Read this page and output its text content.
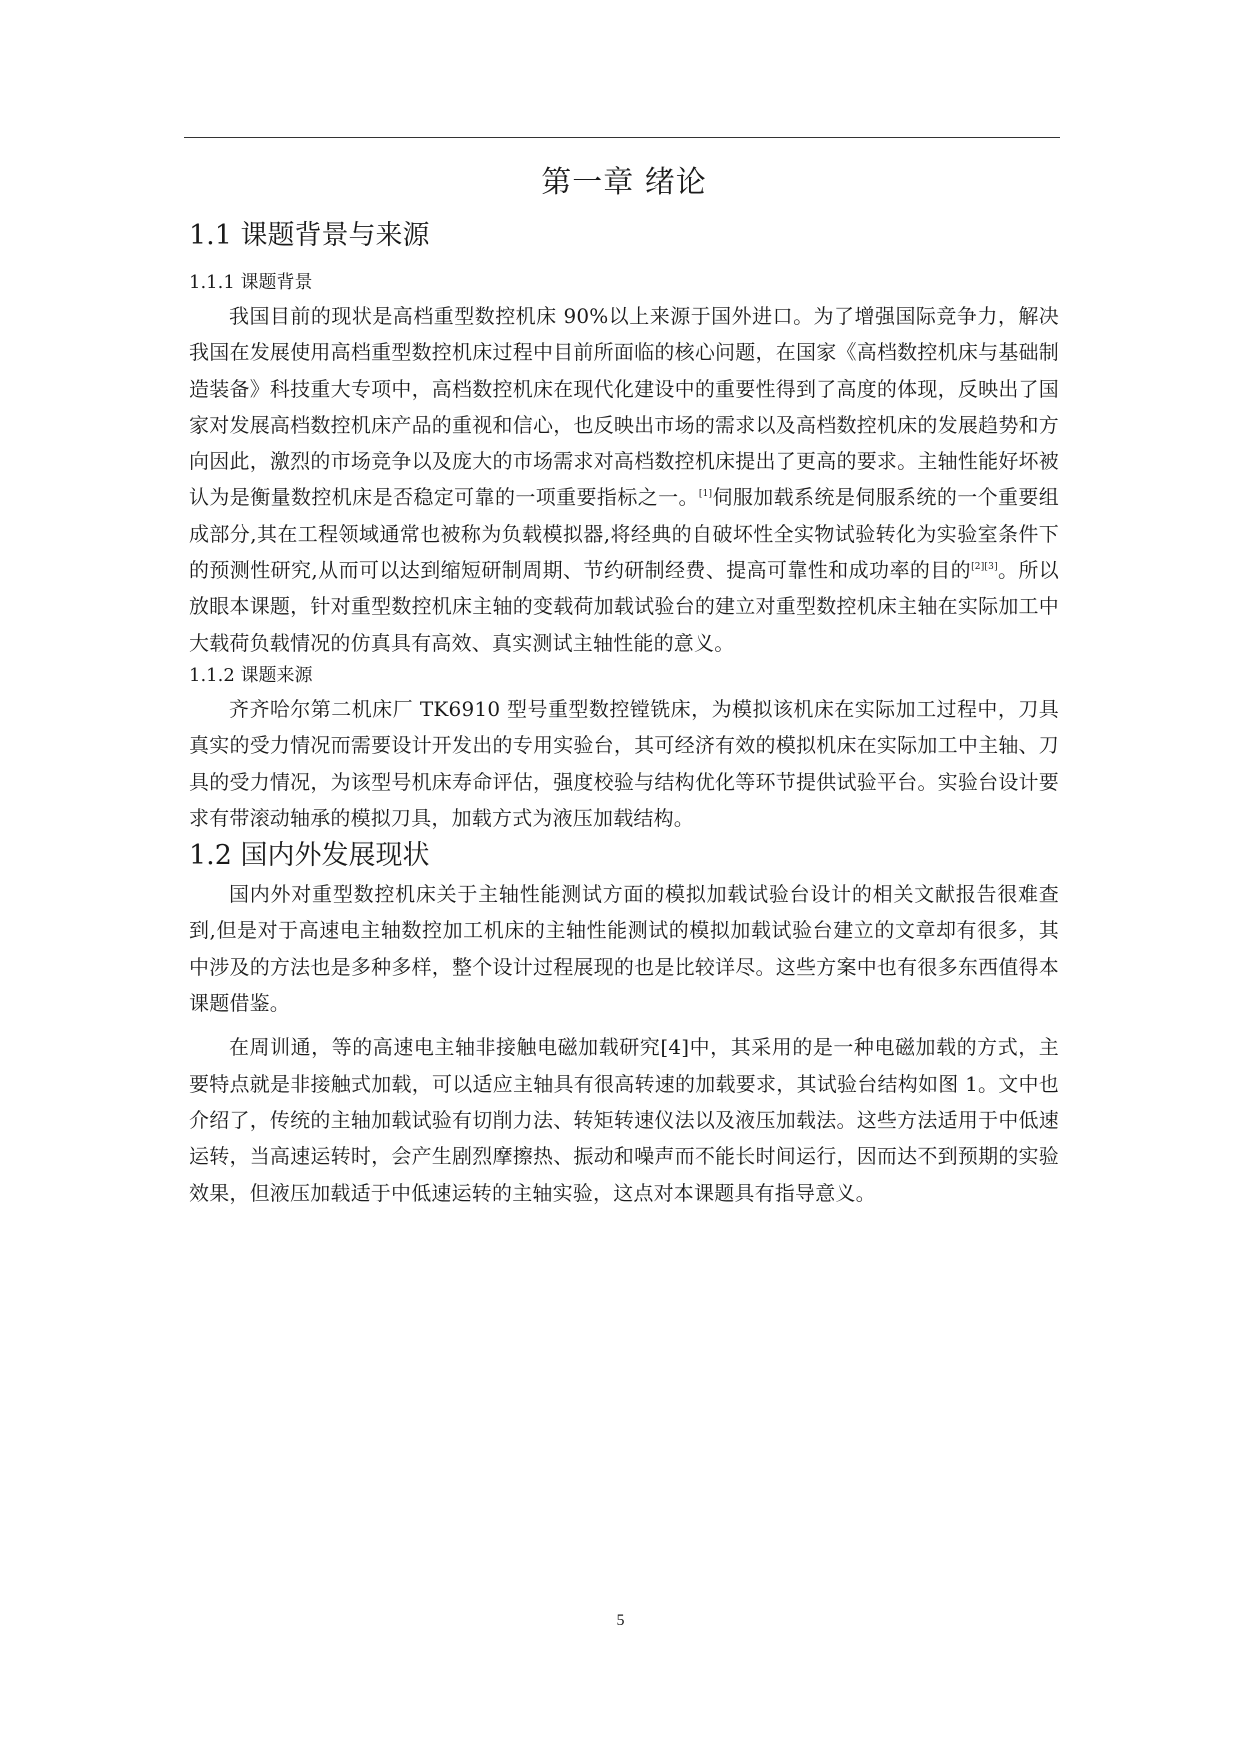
第一章 绪论
1.1 课题背景与来源
1.1.1 课题背景

我国目前的现状是高档重型数控机床 90%以上来源于国外进口。为了增强国际竞争力，解决我国在发展使用高档重型数控机床过程中目前所面临的核心问题，在国家《高档数控机床与基础制造装备》科技重大专项中，高档数控机床在现代化建设中的重要性得到了高度的体现，反映出了国家对发展高档数控机床产品的重视和信心，也反映出市场的需求以及高档数控机床的发展趋势和方向因此，激烈的市场竞争以及庞大的市场需求对高档数控机床提出了更高的要求。主轴性能好坏被认为是衡量数控机床是否稳定可靠的一项重要指标之一。[1]伺服加载系统是伺服系统的一个重要组成部分,其在工程领域通常也被称为负载模拟器,将经典的自破坏性全实物试验转化为实验室条件下的预测性研究,从而可以达到缩短研制周期、节约研制经费、提高可靠性和成功率的目的[2][3]。所以放眼本课题，针对重型数控机床主轴的变载荷加载试验台的建立对重型数控机床主轴在实际加工中大载荷负载情况的仿真具有高效、真实测试主轴性能的意义。

1.1.2 课题来源

齐齐哈尔第二机床厂 TK6910 型号重型数控镗铣床，为模拟该机床在实际加工过程中，刀具真实的受力情况而需要设计开发出的专用实验台，其可经济有效的模拟机床在实际加工中主轴、刀具的受力情况，为该型号机床寿命评估，强度校验与结构优化等环节提供试验平台。实验台设计要求有带滚动轴承的模拟刀具，加载方式为液压加载结构。

1.2 国内外发展现状

国内外对重型数控机床关于主轴性能测试方面的模拟加载试验台设计的相关文献报告很难查到,但是对于高速电主轴数控加工机床的主轴性能测试的模拟加载试验台建立的文章却有很多，其中涉及的方法也是多种多样，整个设计过程展现的也是比较详尽。这些方案中也有很多东西值得本课题借鉴。

在周训通，等的高速电主轴非接触电磁加载研究[4]中，其采用的是一种电磁加载的方式，主要特点就是非接触式加载，可以适应主轴具有很高转速的加载要求，其试验台结构如图 1。文中也介绍了，传统的主轴加载试验有切削力法、转矩转速仪法以及液压加载法。这些方法适用于中低速运转，当高速运转时，会产生剧烈摩擦热、振动和噪声而不能长时间运行，因而达不到预期的实验效果，但液压加载适于中低速运转的主轴实验，这点对本课题具有指导意义。

5
